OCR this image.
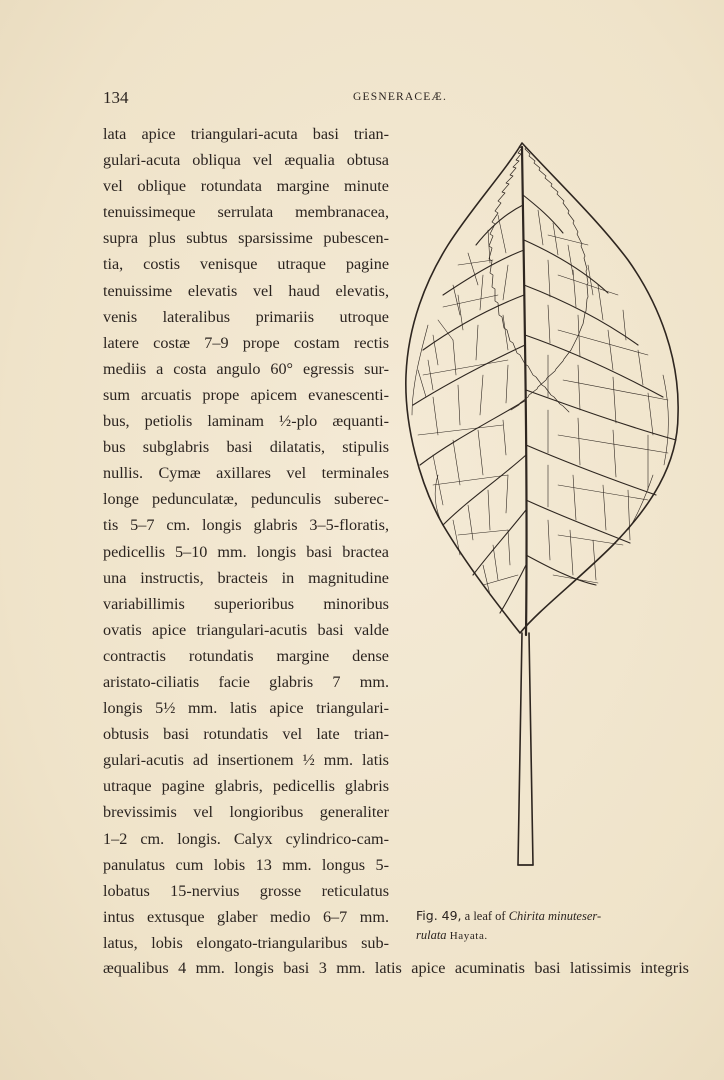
134	GESNERACEÆ.
lata apice triangulari-acuta basi trian-
gulari-acuta obliqua vel æqualia obtusa
vel oblique rotundata margine minute
tenuissimeque serrulata membranacea,
supra plus subtus sparsissime pubescen-
tia, costis venisque utraque pagine
tenuissime elevatis vel haud elevatis,
venis lateralibus primariis utroque
latere costæ 7–9 prope costam rectis
mediis a costa angulo 60° egressis sur-
sum arcuatis prope apicem evanescenti-
bus, petiolis laminam ½-plo æquanti-
bus subglabris basi dilatatis, stipulis
nullis. Cymæ axillares vel terminales
longe pedunculatæ, pedunculis suberec-
tis 5–7 cm. longis glabris 3–5-floratis,
pedicellis 5–10 mm. longis basi bractea
una instructis, bracteis in magnitudine
variabillimis superioribus minoribus
ovatis apice triangulari-acutis basi valde
contractis rotundatis margine dense
aristato-ciliatis facie glabris 7 mm.
longis 5½ mm. latis apice triangulari-
obtusis basi rotundatis vel late trian-
gulari-acutis ad insertionem ½ mm. latis
utraque pagine glabris, pedicellis glabris
brevissimis vel longioribus generaliter
1–2 cm. longis. Calyx cylindrico-cam-
panulatus cum lobis 13 mm. longus 5-
lobatus 15-nervius grosse reticulatus
intus extusque glaber medio 6–7 mm.
latus, lobis elongato-triangularibus sub-
æqualibus 4 mm. longis basi 3 mm. latis apice acuminatis basi latissimis integris
Fig. 49, a leaf of Chirita minuteser-
rulata Hayata.
